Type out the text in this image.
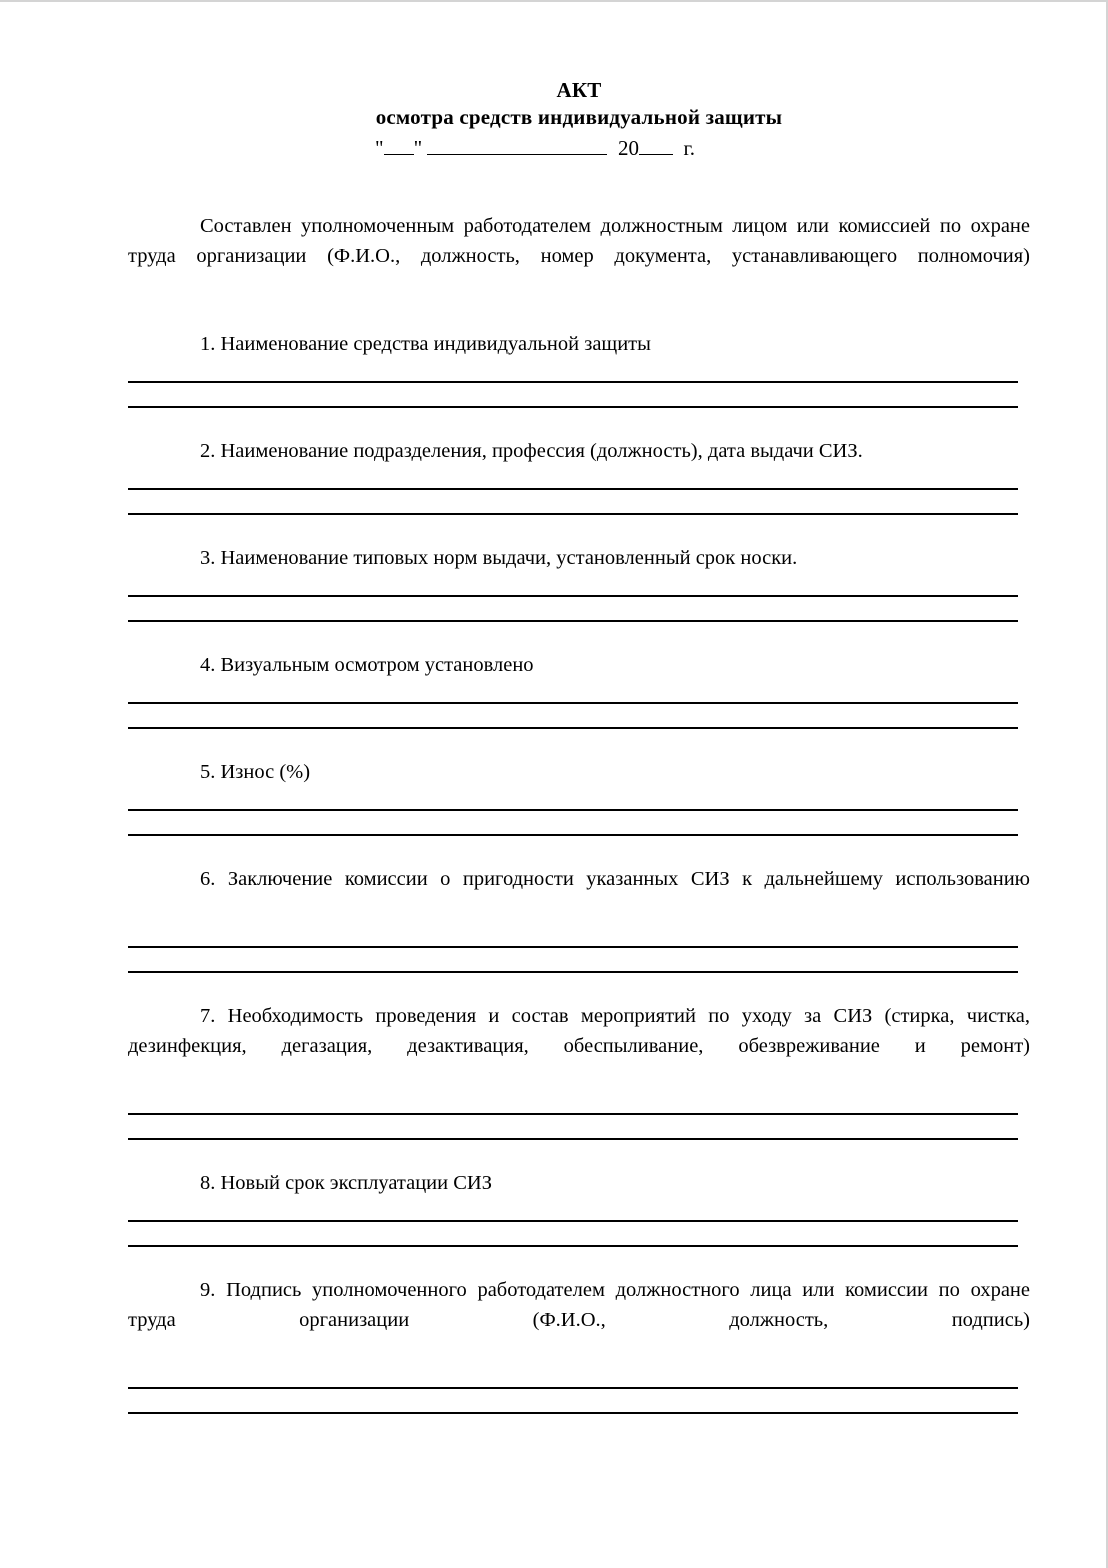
АКТ
осмотра средств индивидуальной защиты
" "	20 г.

Составлен уполномоченным работодателем должностным лицом или комиссией по охране труда организации (Ф.И.О., должность, номер документа, устанавливающего полномочия)

1. Наименование средства индивидуальной защиты

2. Наименование подразделения, профессия (должность), дата выдачи СИЗ.

3. Наименование типовых норм выдачи, установленный срок носки.

4. Визуальным осмотром установлено

5. Износ (%)

6. Заключение комиссии о пригодности указанных СИЗ к дальнейшему использованию

7. Необходимость проведения и состав мероприятий по уходу за СИЗ (стирка, чистка, дезинфекция, дегазация, дезактивация, обеспыливание, обезвреживание и ремонт)

8. Новый срок эксплуатации СИЗ

9. Подпись уполномоченного работодателем должностного лица или комиссии по охране труда организации (Ф.И.О., должность, подпись)
